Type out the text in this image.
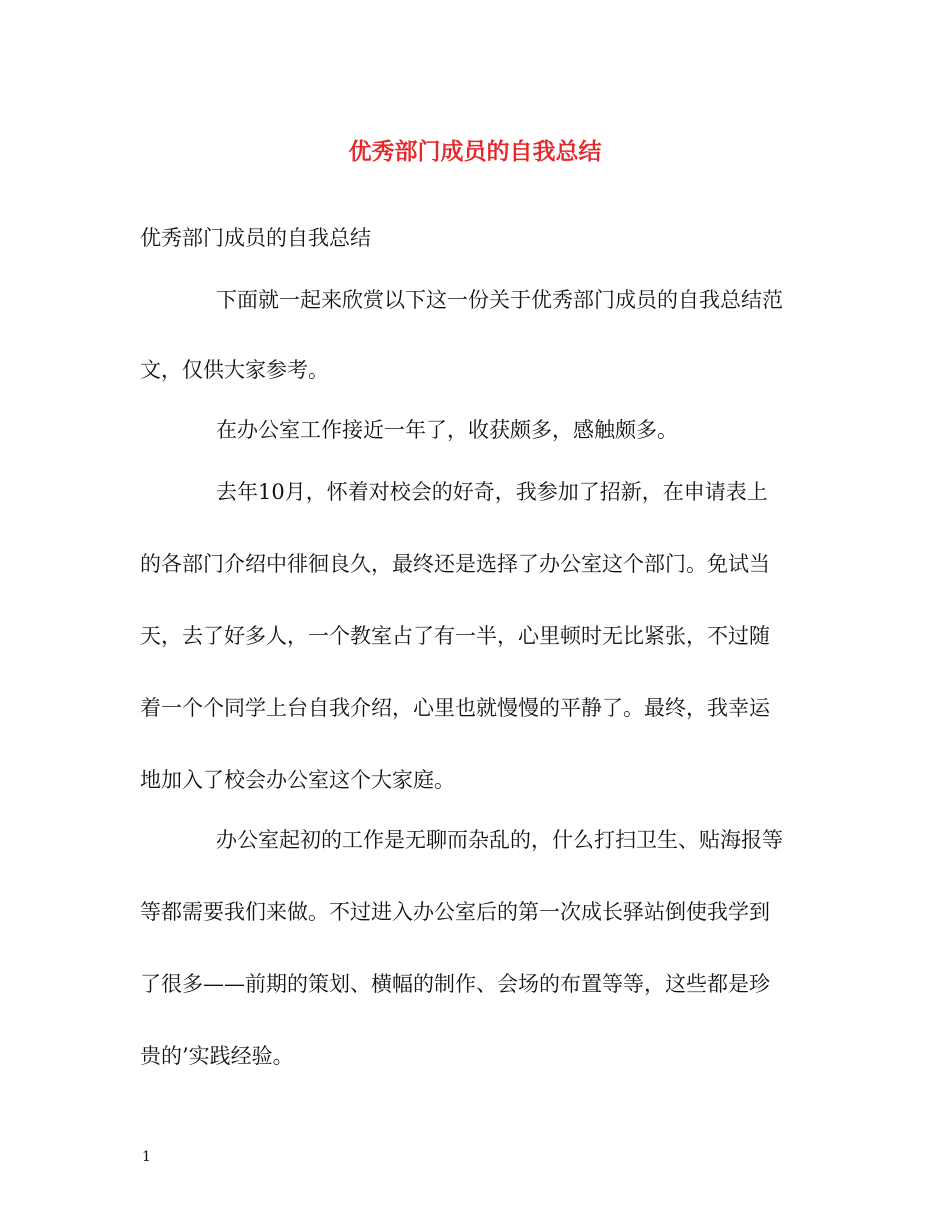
优秀部门成员的自我总结
优秀部门成员的自我总结
下面就一起来欣赏以下这一份关于优秀部门成员的自我总结范
文，仅供大家参考。
在办公室工作接近一年了，收获颇多，感触颇多。
去年10月，怀着对校会的好奇，我参加了招新，在申请表上
的各部门介绍中徘徊良久，最终还是选择了办公室这个部门。免试当
天，去了好多人，一个教室占了有一半，心里顿时无比紧张，不过随
着一个个同学上台自我介绍，心里也就慢慢的平静了。最终，我幸运
地加入了校会办公室这个大家庭。
办公室起初的工作是无聊而杂乱的，什么打扫卫生、贴海报等
等都需要我们来做。不过进入办公室后的第一次成长驿站倒使我学到
了很多——前期的策划、横幅的制作、会场的布置等等，这些都是珍
贵的’实践经验。
1
